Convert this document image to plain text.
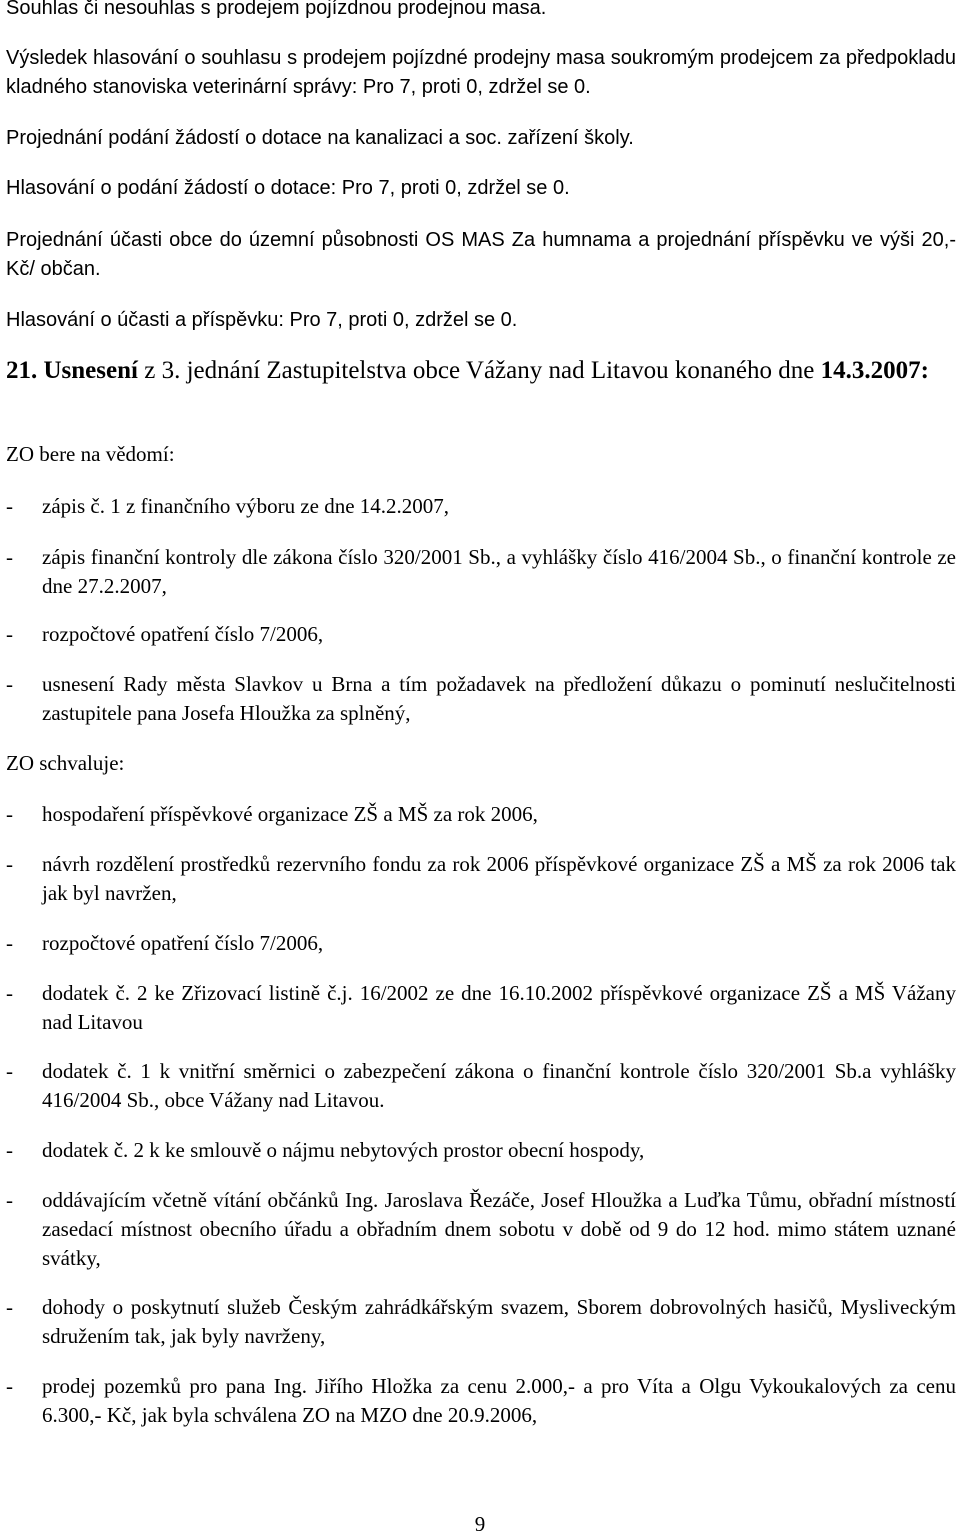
Souhlas či nesouhlas s prodejem pojízdnou prodejnou masa.

Výsledek hlasování o souhlasu s prodejem pojízdné prodejny masa soukromým prodejcem za předpokladu kladného stanoviska veterinární správy: Pro 7, proti 0, zdržel se 0.

Projednání podání žádostí o dotace na kanalizaci a soc. zařízení školy.

Hlasování o podání žádostí o dotace: Pro 7, proti 0, zdržel se 0.

Projednání účasti obce do územní působnosti OS MAS Za humnama a projednání příspěvku ve výši 20,- Kč/ občan.

Hlasování o účasti a příspěvku: Pro 7, proti 0, zdržel se 0.

21. Usnesení z 3. jednání Zastupitelstva obce Vážany nad Litavou konaného dne 14.3.2007:

ZO bere na vědomí:

-	zápis č. 1 z finančního výboru ze dne 14.2.2007,
-	zápis finanční kontroly dle zákona číslo 320/2001 Sb., a vyhlášky číslo 416/2004 Sb., o finanční kontrole ze dne 27.2.2007,
-	rozpočtové opatření číslo 7/2006,
-	usnesení Rady města Slavkov u Brna a tím požadavek na předložení důkazu o pominutí neslučitelnosti zastupitele pana Josefa Hloužka za splněný,

ZO schvaluje:

-	hospodaření příspěvkové organizace ZŠ a MŠ za rok 2006,
-	návrh rozdělení prostředků rezervního fondu za rok 2006 příspěvkové organizace ZŠ a MŠ za rok 2006 tak jak byl navržen,
-	rozpočtové opatření číslo 7/2006,
-	dodatek č. 2 ke Zřizovací listině č.j. 16/2002 ze dne 16.10.2002 příspěvkové organizace ZŠ a MŠ Vážany nad Litavou
-	dodatek č. 1 k vnitřní směrnici o zabezpečení zákona o finanční kontrole číslo 320/2001 Sb.a vyhlášky 416/2004 Sb., obce Vážany nad Litavou.
-	dodatek č. 2 k ke smlouvě o nájmu nebytových prostor obecní hospody,
-	oddávajícím včetně vítání občánků Ing. Jaroslava Řezáče, Josef Hloužka a Luďka Tůmu, obřadní místností zasedací místnost obecního úřadu a obřadním dnem sobotu v době od 9 do 12 hod. mimo státem uznané svátky,
-	dohody o poskytnutí služeb Českým zahrádkářským svazem, Sborem dobrovolných hasičů, Mysliveckým sdružením tak, jak byly navrženy,
-	prodej pozemků pro pana Ing. Jiřího Hložka za cenu 2.000,- a pro Víta a Olgu Vykoukalových za cenu 6.300,- Kč, jak byla schválena ZO na MZO dne 20.9.2006,
9
